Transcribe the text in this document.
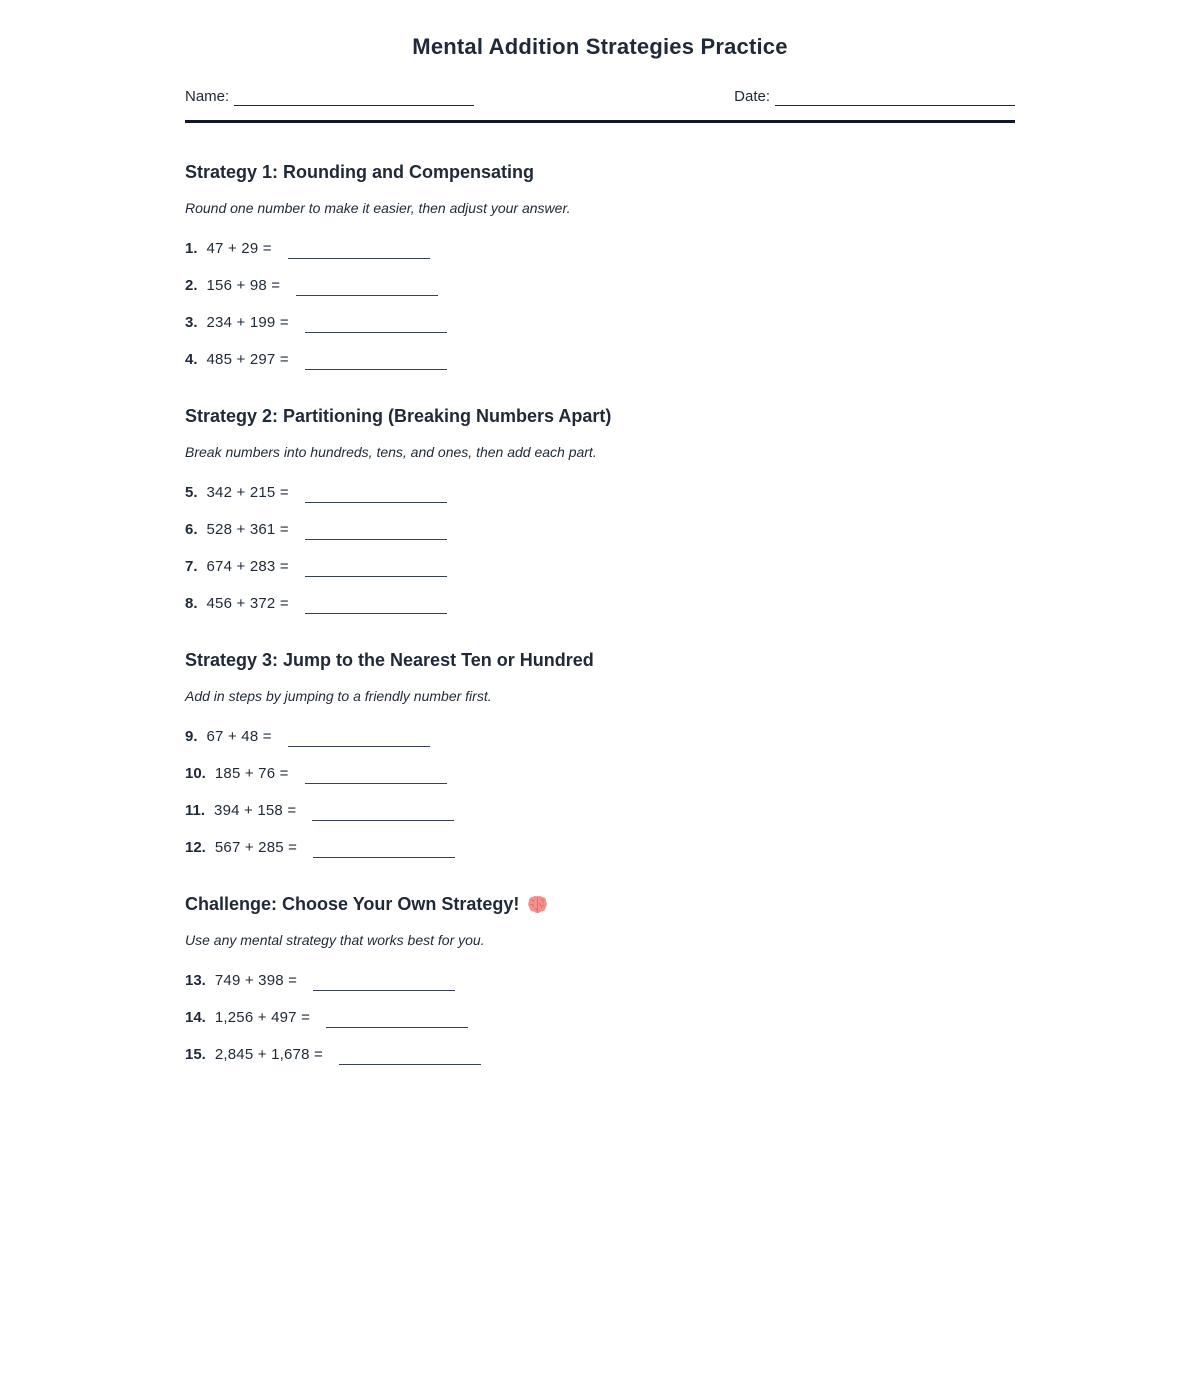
Mental Addition Strategies Practice
Name:	Date:
Strategy 1: Rounding and Compensating

Round one number to make it easier, then adjust your answer.

1. 47 + 29 =
2. 156 + 98 =
3. 234 + 199 =
4. 485 + 297 =
Strategy 2: Partitioning (Breaking Numbers Apart)

Break numbers into hundreds, tens, and ones, then add each part.

5. 342 + 215 =
6. 528 + 361 =
7. 674 + 283 =
8. 456 + 372 =
Strategy 3: Jump to the Nearest Ten or Hundred

Add in steps by jumping to a friendly number first.

9. 67 + 48 =
10. 185 + 76 =
11. 394 + 158 =
12. 567 + 285 =
Challenge: Choose Your Own Strategy!

Use any mental strategy that works best for you.

13. 749 + 398 =
14. 1,256 + 497 =
15. 2,845 + 1,678 =
